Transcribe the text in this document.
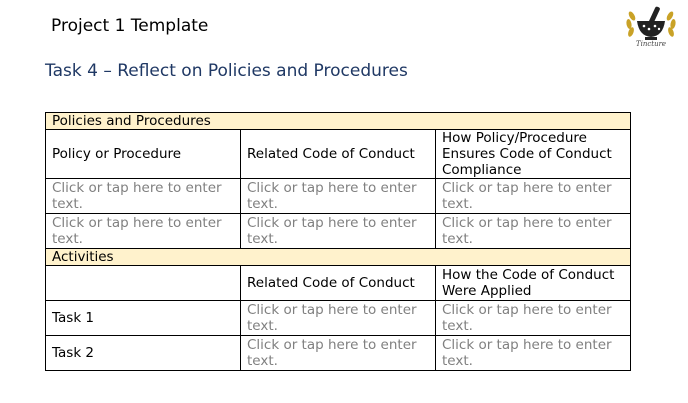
Project 1 Template
Tincture
Task 4 – Reflect on Policies and Procedures
Policies and Procedures		
Policy or Procedure	Related Code of Conduct	How Policy/Procedure Ensures Code of Conduct Compliance
Click or tap here to enter text.	Click or tap here to enter text.	Click or tap here to enter text.
Click or tap here to enter text.	Click or tap here to enter text.	Click or tap here to enter text.
Activities		
	Related Code of Conduct	How the Code of Conduct Were Applied
Task 1	Click or tap here to enter text.	Click or tap here to enter text.
Task 2	Click or tap here to enter text.	Click or tap here to enter text.
